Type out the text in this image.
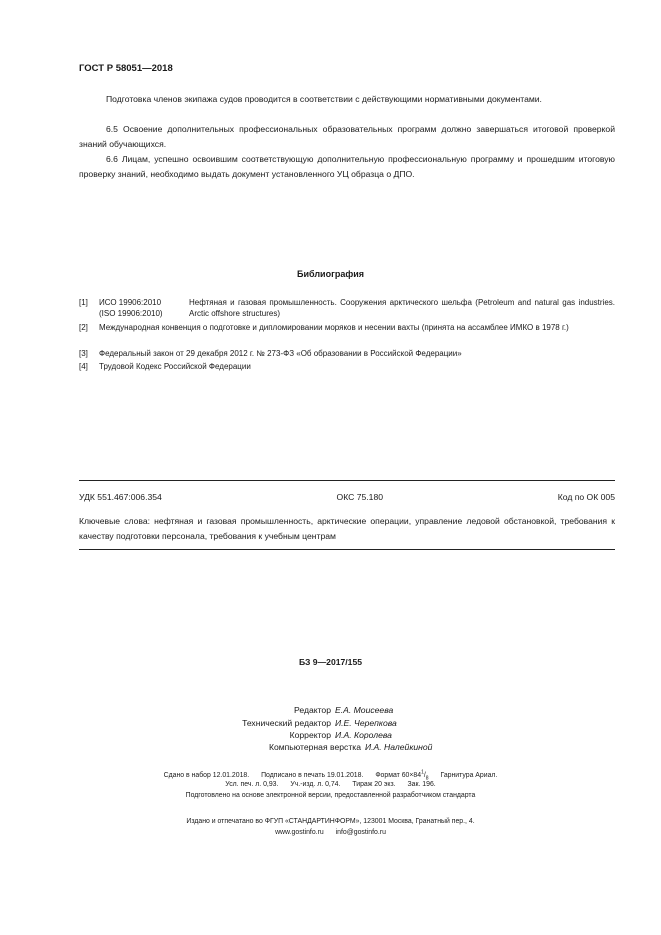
ГОСТ Р 58051—2018

Подготовка членов экипажа судов проводится в соответствии с действующими нормативными документами.

6.5 Освоение дополнительных профессиональных образовательных программ должно завершаться итоговой проверкой знаний обучающихся.

6.6 Лицам, успешно освоившим соответствующую дополнительную профессиональную программу и прошедшим итоговую проверку знаний, необходимо выдать документ установленного УЦ образца о ДПО.

Библиография
[1]	ИСО 19906:2010
(ISO 19906:2010)
Нефтяная и газовая промышленность. Сооружения арктического шельфа (Petroleum and natural gas industries. Arctic offshore structures)
[2]	Международная конвенция о подготовке и дипломировании моряков и несении вахты (принята на ассамблее ИМКО в 1978 г.)
[3]	Федеральный закон от 29 декабря 2012 г. № 273-ФЗ «Об образовании в Российской Федерации»
[4]	Трудовой Кодекс Российской Федерации
УДК 551.467:006.354	ОКС 75.180	Код по ОК 005

Ключевые слова: нефтяная и газовая промышленность, арктические операции, управление ледовой обстановкой, требования к качеству подготовки персонала, требования к учебным центрам

БЗ 9—2017/155
Редактор Е.А. Моисеева
Технический редактор И.Е. Черепкова
Корректор И.А. Королева
Компьютерная верстка И.А. Налейкиной
Сдано в набор 12.01.2018. Подписано в печать 19.01.2018. Формат $60\times 84^1/_8$ Гарнитура Ариал.
Усл. печ. л. 0,93. Уч.-изд. л. 0,74. Тираж 20 экз. Зак. 196.
Подготовлено на основе электронной версии, предоставленной разработчиком стандарта
Издано и отпечатано во ФГУП «СТАНДАРТИНФОРМ», 123001 Москва, Гранатный пер., 4.
www.gostinfo.ru info@gostinfo.ru
